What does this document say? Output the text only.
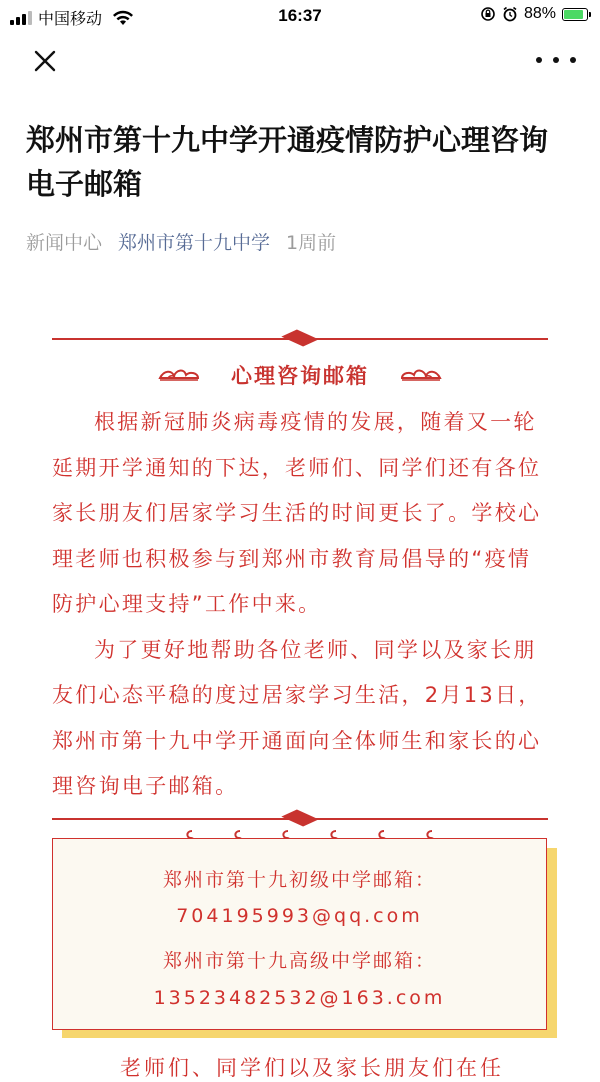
中国移动	16:37	88%
郑州市第十九中学开通疫情防护心理咨询电子邮箱
新闻中心 郑州市第十九中学 1周前
心理咨询邮箱

根据新冠肺炎病毒疫情的发展，随着又一轮延期开学通知的下达，老师们、同学们还有各位家长朋友们居家学习生活的时间更长了。学校心理老师也积极参与到郑州市教育局倡导的“疫情防护心理支持”工作中来。

为了更好地帮助各位老师、同学以及家长朋友们心态平稳的度过居家学习生活，2月13日，郑州市第十九中学开通面向全体师生和家长的心理咨询电子邮箱。

郑州市第十九初级中学邮箱：
704195993@qq.com
郑州市第十九高级中学邮箱：
13523482532@163.com
老师们、同学们以及家长朋友们在任
